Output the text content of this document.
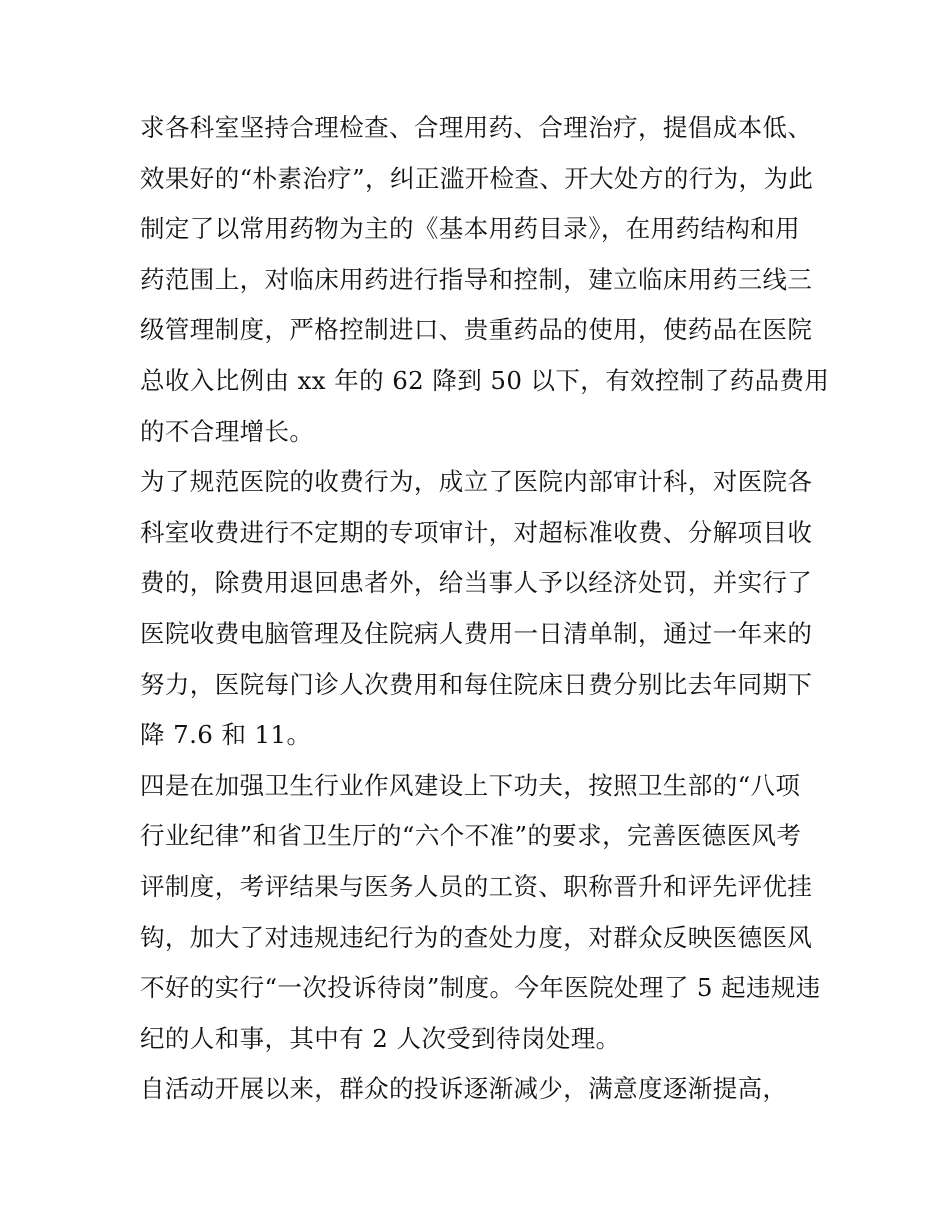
求各科室坚持合理检查、合理用药、合理治疗，提倡成本低、
效果好的“朴素治疗”，纠正滥开检查、开大处方的行为，为此
制定了以常用药物为主的《基本用药目录》，在用药结构和用
药范围上，对临床用药进行指导和控制，建立临床用药三线三
级管理制度，严格控制进口、贵重药品的使用，使药品在医院
总收入比例由 xx 年的 62 降到 50 以下，有效控制了药品费用
的不合理增长。
为了规范医院的收费行为，成立了医院内部审计科，对医院各
科室收费进行不定期的专项审计，对超标准收费、分解项目收
费的，除费用退回患者外，给当事人予以经济处罚，并实行了
医院收费电脑管理及住院病人费用一日清单制，通过一年来的
努力，医院每门诊人次费用和每住院床日费分别比去年同期下
降 7.6 和 11。
四是在加强卫生行业作风建设上下功夫，按照卫生部的“八项
行业纪律”和省卫生厅的“六个不准”的要求，完善医德医风考
评制度，考评结果与医务人员的工资、职称晋升和评先评优挂
钩，加大了对违规违纪行为的查处力度，对群众反映医德医风
不好的实行“一次投诉待岗”制度。今年医院处理了 5 起违规违
纪的人和事，其中有 2 人次受到待岗处理。
自活动开展以来，群众的投诉逐渐减少，满意度逐渐提高，
